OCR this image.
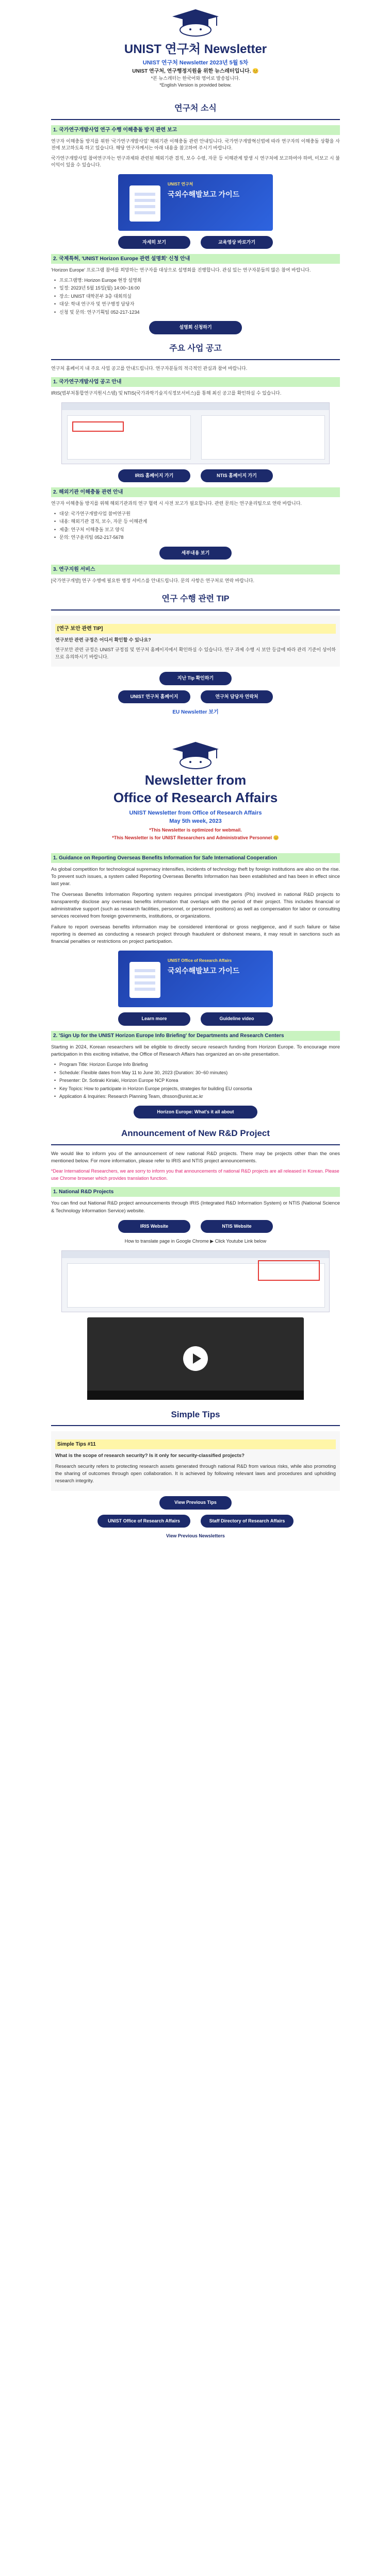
UNIST 연구처 Newsletter
UNIST 연구처 Newsletter 2023년 5월 5차
UNIST 연구처, 연구행정지원을 위한 뉴스레터입니다. 😊
*본 뉴스레터는 한국어와 영어로 발송됩니다.
*English Version is provided below.
연구처 소식
1. 국가연구개발사업 연구 수행 이해충돌 방지 관련 보고

연구자 이해충돌 방지를 위한 '국가연구개발사업' 해외기관 이해충돌 관련 안내입니다. 국가연구개발혁신법에 따라 연구자의 이해충돌 상황을 사전에 보고하도록 하고 있습니다. 해당 연구자께서는 아래 내용을 참고하여 주시기 바랍니다.

국가연구개발사업 참여연구자는 연구과제와 관련된 해외기관 겸직, 보수 수령, 자문 등 이해관계 발생 시 연구처에 보고하여야 하며, 미보고 시 불이익이 있을 수 있습니다.

UNIST 연구처
국외수해발보고 가이드
자세히 보기	교육영상 바로가기
2. 국제특허, 'UNIST Horizon Europe 관련 설명회' 신청 안내

'Horizon Europe' 프로그램 참여를 희망하는 연구자를 대상으로 설명회를 진행합니다. 관심 있는 연구자분들의 많은 참여 바랍니다.

• 프로그램명: Horizon Europe 현장 설명회
• 일정: 2023년 5월 15일(월) 14:00~16:00
• 장소: UNIST 대학본부 3층 대회의실
• 대상: 학내 연구자 및 연구행정 담당자
• 신청 및 문의: 연구기획팀 052-217-1234
설명회 신청하기
주요 사업 공고

연구처 홈페이지 내 주요 사업 공고를 안내드립니다. 연구자분들의 적극적인 관심과 참여 바랍니다.

1. 국가연구개발사업 공고 안내

IRIS(범부처통합연구지원시스템) 및 NTIS(국가과학기술지식정보서비스)를 통해 최신 공고를 확인하실 수 있습니다.

IRIS 홈페이지 가기	NTIS 홈페이지 가기
2. 해외기관 이해충돌 관련 안내

연구자 이해충돌 방지를 위해 해외기관과의 연구 협력 시 사전 보고가 필요합니다. 관련 문의는 연구윤리팀으로 연락 바랍니다.

• 대상: 국가연구개발사업 참여연구원
• 내용: 해외기관 겸직, 보수, 자문 등 이해관계
• 제출: 연구처 이해충돌 보고 양식
• 문의: 연구윤리팀 052-217-5678
세부내용 보기
3. 연구지원 서비스

[국가연구개발] 연구 수행에 필요한 행정 서비스를 안내드립니다. 문의 사항은 연구처로 연락 바랍니다.

연구 수행 관련 TIP
[연구 보안 관련 TIP]

연구보안 관련 규정은 어디서 확인할 수 있나요?

연구보안 관련 규정은 UNIST 규정집 및 연구처 홈페이지에서 확인하실 수 있습니다. 연구 과제 수행 시 보안 등급에 따라 관리 기준이 상이하므로 유의하시기 바랍니다.

지난 Tip 확인하기
UNIST 연구처 홈페이지	연구처 담당자 연락처
EU Newsletter 보기
Newsletter from
Office of Research Affairs
UNIST Newsletter from Office of Research Affairs
May 5th week, 2023
*This Newsletter is optimized for webmail.
*This Newsletter is for UNIST Researchers and Administrative Personnel 😊
1. Guidance on Reporting Overseas Benefits Information for Safe International Cooperation

As global competition for technological supremacy intensifies, incidents of technology theft by foreign institutions are also on the rise. To prevent such issues, a system called Reporting Overseas Benefits Information has been established and has been in effect since last year.

The Overseas Benefits Information Reporting system requires principal investigators (PIs) involved in national R&D projects to transparently disclose any overseas benefits information that overlaps with the period of their project. This includes financial or administrative support (such as research facilities, personnel, or personnel positions) as well as compensation for labor or consulting services received from foreign governments, institutions, or organizations.

Failure to report overseas benefits information may be considered intentional or gross negligence, and if such failure or false reporting is deemed as conducting a research project through fraudulent or dishonest means, it may result in sanctions such as financial penalties or restrictions on project participation.

UNIST Office of Research Affairs
국외수해발보고 가이드
Learn more	Guideline video
2. 'Sign Up for the UNIST Horizon Europe Info Briefing' for Departments and Research Centers

Starting in 2024, Korean researchers will be eligible to directly secure research funding from Horizon Europe. To encourage more participation in this exciting initiative, the Office of Research Affairs has organized an on-site presentation.

• Program Title: Horizon Europe Info Briefing
• Schedule: Flexible dates from May 11 to June 30, 2023 (Duration: 30~60 minutes)
• Presenter: Dr. Sotiraki Kiriaki, Horizon Europe NCP Korea
• Key Topics: How to participate in Horizon Europe projects, strategies for building EU consortia
• Application & Inquiries: Research Planning Team, dhsson@unist.ac.kr
Horizon Europe: What's it all about
Announcement of New R&D Project

We would like to inform you of the announcement of new national R&D projects. There may be projects other than the ones mentioned below. For more information, please refer to IRIS and NTIS project announcements.

*Dear International Researchers, we are sorry to inform you that announcements of national R&D projects are all released in Korean. Please use Chrome browser which provides translation function.

1. National R&D Projects

You can find out National R&D project announcements through IRIS (Integrated R&D Information System) or NTIS (National Science & Technology Information Service) website.

IRIS Website	NTIS Website
How to translate page in Google Chrome ▶ Click Youtube Link below
Simple Tips
Simple Tips #11

What is the scope of research security? Is it only for security-classified projects?

Research security refers to protecting research assets generated through national R&D from various risks, while also promoting the sharing of outcomes through open collaboration. It is achieved by following relevant laws and procedures and upholding research integrity.

View Previous Tips
UNIST Office of Research Affairs	Staff Directory of Research Affairs
View Previous Newsletters
